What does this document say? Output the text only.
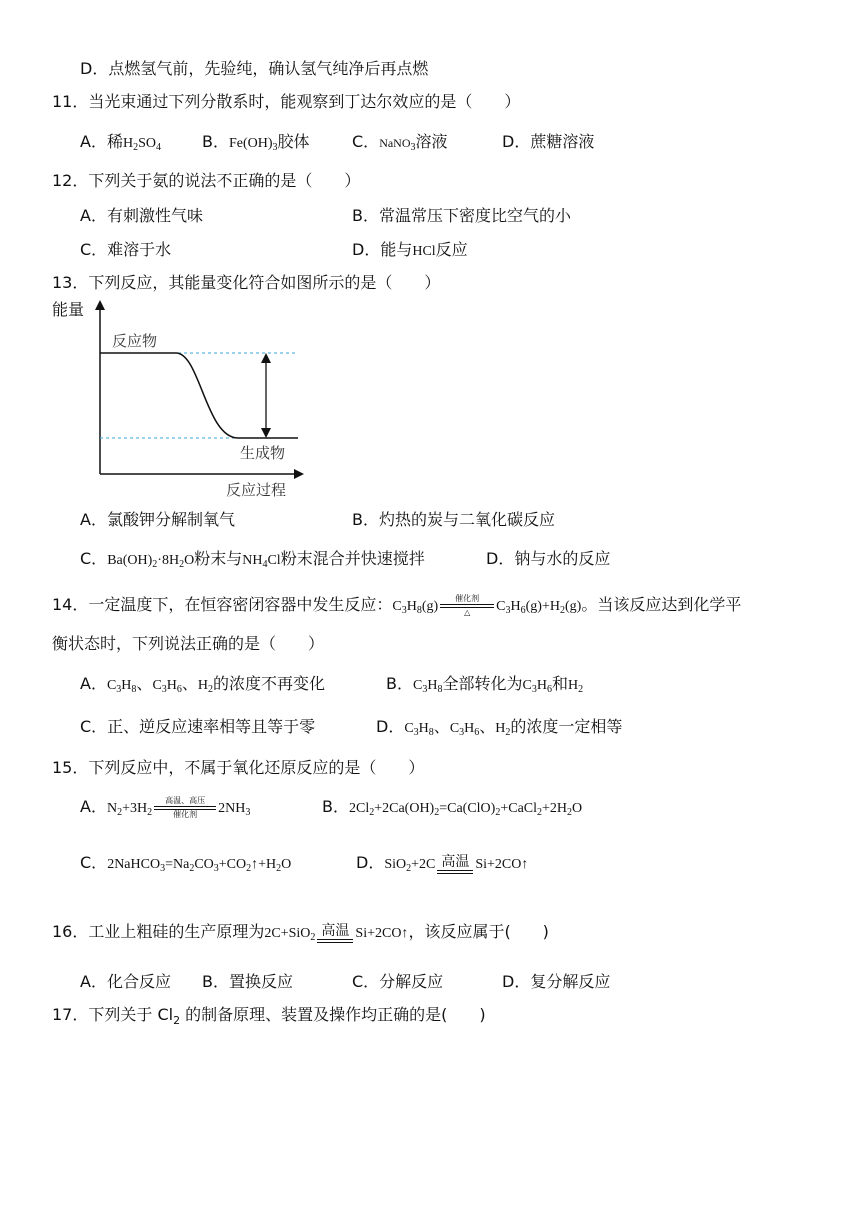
D．点燃氢气前，先验纯，确认氢气纯净后再点燃
11．当光束通过下列分散系时，能观察到丁达尔效应的是（　　）
A．稀$H_2SO_4$	B．$Fe(OH)_3$胶体	C．NaNO$_3$溶液	D．蔗糖溶液
12．下列关于氨的说法不正确的是（　　）
A．有刺激性气味	B．常温常压下密度比空气的小
C．难溶于水	D．能与HCl反应
13．下列反应，其能量变化符合如图所示的是（　　）
能量
反应物
生成物
反应过程
A．氯酸钾分解制氧气	B．灼热的炭与二氧化碳反应
C．$Ba(OH)_2\cdot 8H_2O$粉末与$NH_4Cl$粉末混合并快速搅拌	D．钠与水的反应
14．一定温度下，在恒容密闭容器中发生反应：$C_3H_8(g)$
催化剂
△	$C_3H_6(g)+H_2(g)$。当该反应达到化学平
衡状态时，下列说法正确的是（　　）
A．$C_3H_8$、$C_3H_6$、$H_2$的浓度不再变化	B．$C_3H_8$全部转化为$C_3H_6$和$H_2$
C．正、逆反应速率相等且等于零	D．$C_3H_8$、$C_3H_6$、$H_2$的浓度一定相等
15．下列反应中，不属于氧化还原反应的是（　　）
A．$N_2+3H_2$
高温、高压
催化剂	$2NH_3$	B．$2Cl_2+2Ca(OH)_2=Ca(ClO)_2+CaCl_2+2H_2O$
C．$2NaHCO_3=Na_2CO_3+CO_2↑+H_2O$	D．SiO$_2$+2C 高温 Si+2CO↑
16．工业上粗硅的生产原理为2C+SiO$_2$ 高温 Si+2CO↑，该反应属于(　　)
A．化合反应 B．置换反应	C．分解反应	D．复分解反应
17．下列关于 $Cl_2$ 的制备原理、装置及操作均正确的是(　　)
